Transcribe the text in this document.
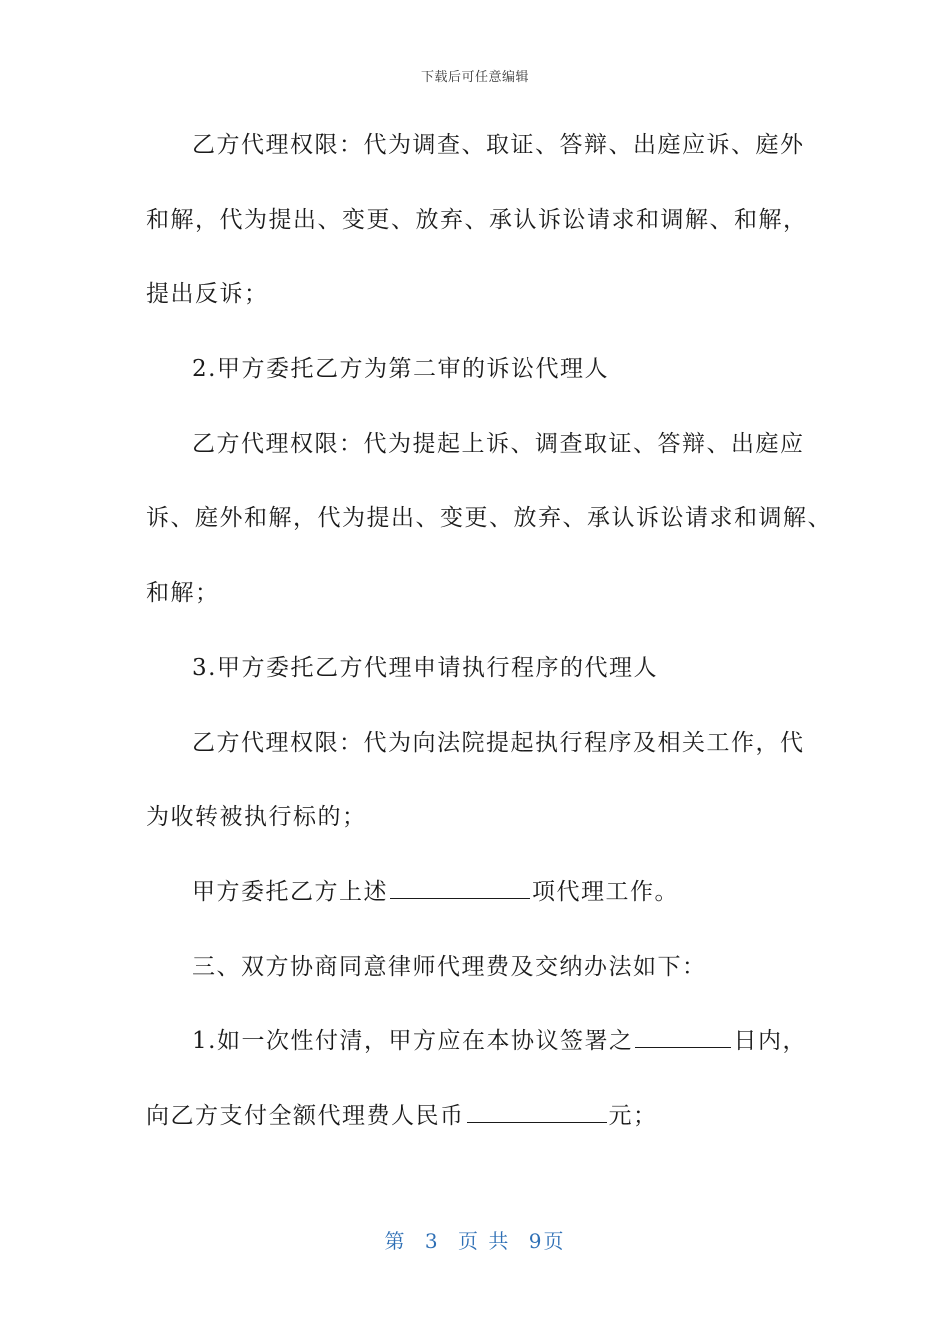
下载后可任意编辑
乙方代理权限：代为调查、取证、答辩、出庭应诉、庭外
和解，代为提出、变更、放弃、承认诉讼请求和调解、和解，
提出反诉；
2.甲方委托乙方为第二审的诉讼代理人
乙方代理权限：代为提起上诉、调查取证、答辩、出庭应
诉、庭外和解，代为提出、变更、放弃、承认诉讼请求和调解、
和解；
3.甲方委托乙方代理申请执行程序的代理人
乙方代理权限：代为向法院提起执行程序及相关工作，代
为收转被执行标的；
甲方委托乙方上述	项代理工作。
三、双方协商同意律师代理费及交纳办法如下：
1.如一次性付清，甲方应在本协议签署之	日内，
向乙方支付全额代理费人民币	元；
第 3 页 共 9页
